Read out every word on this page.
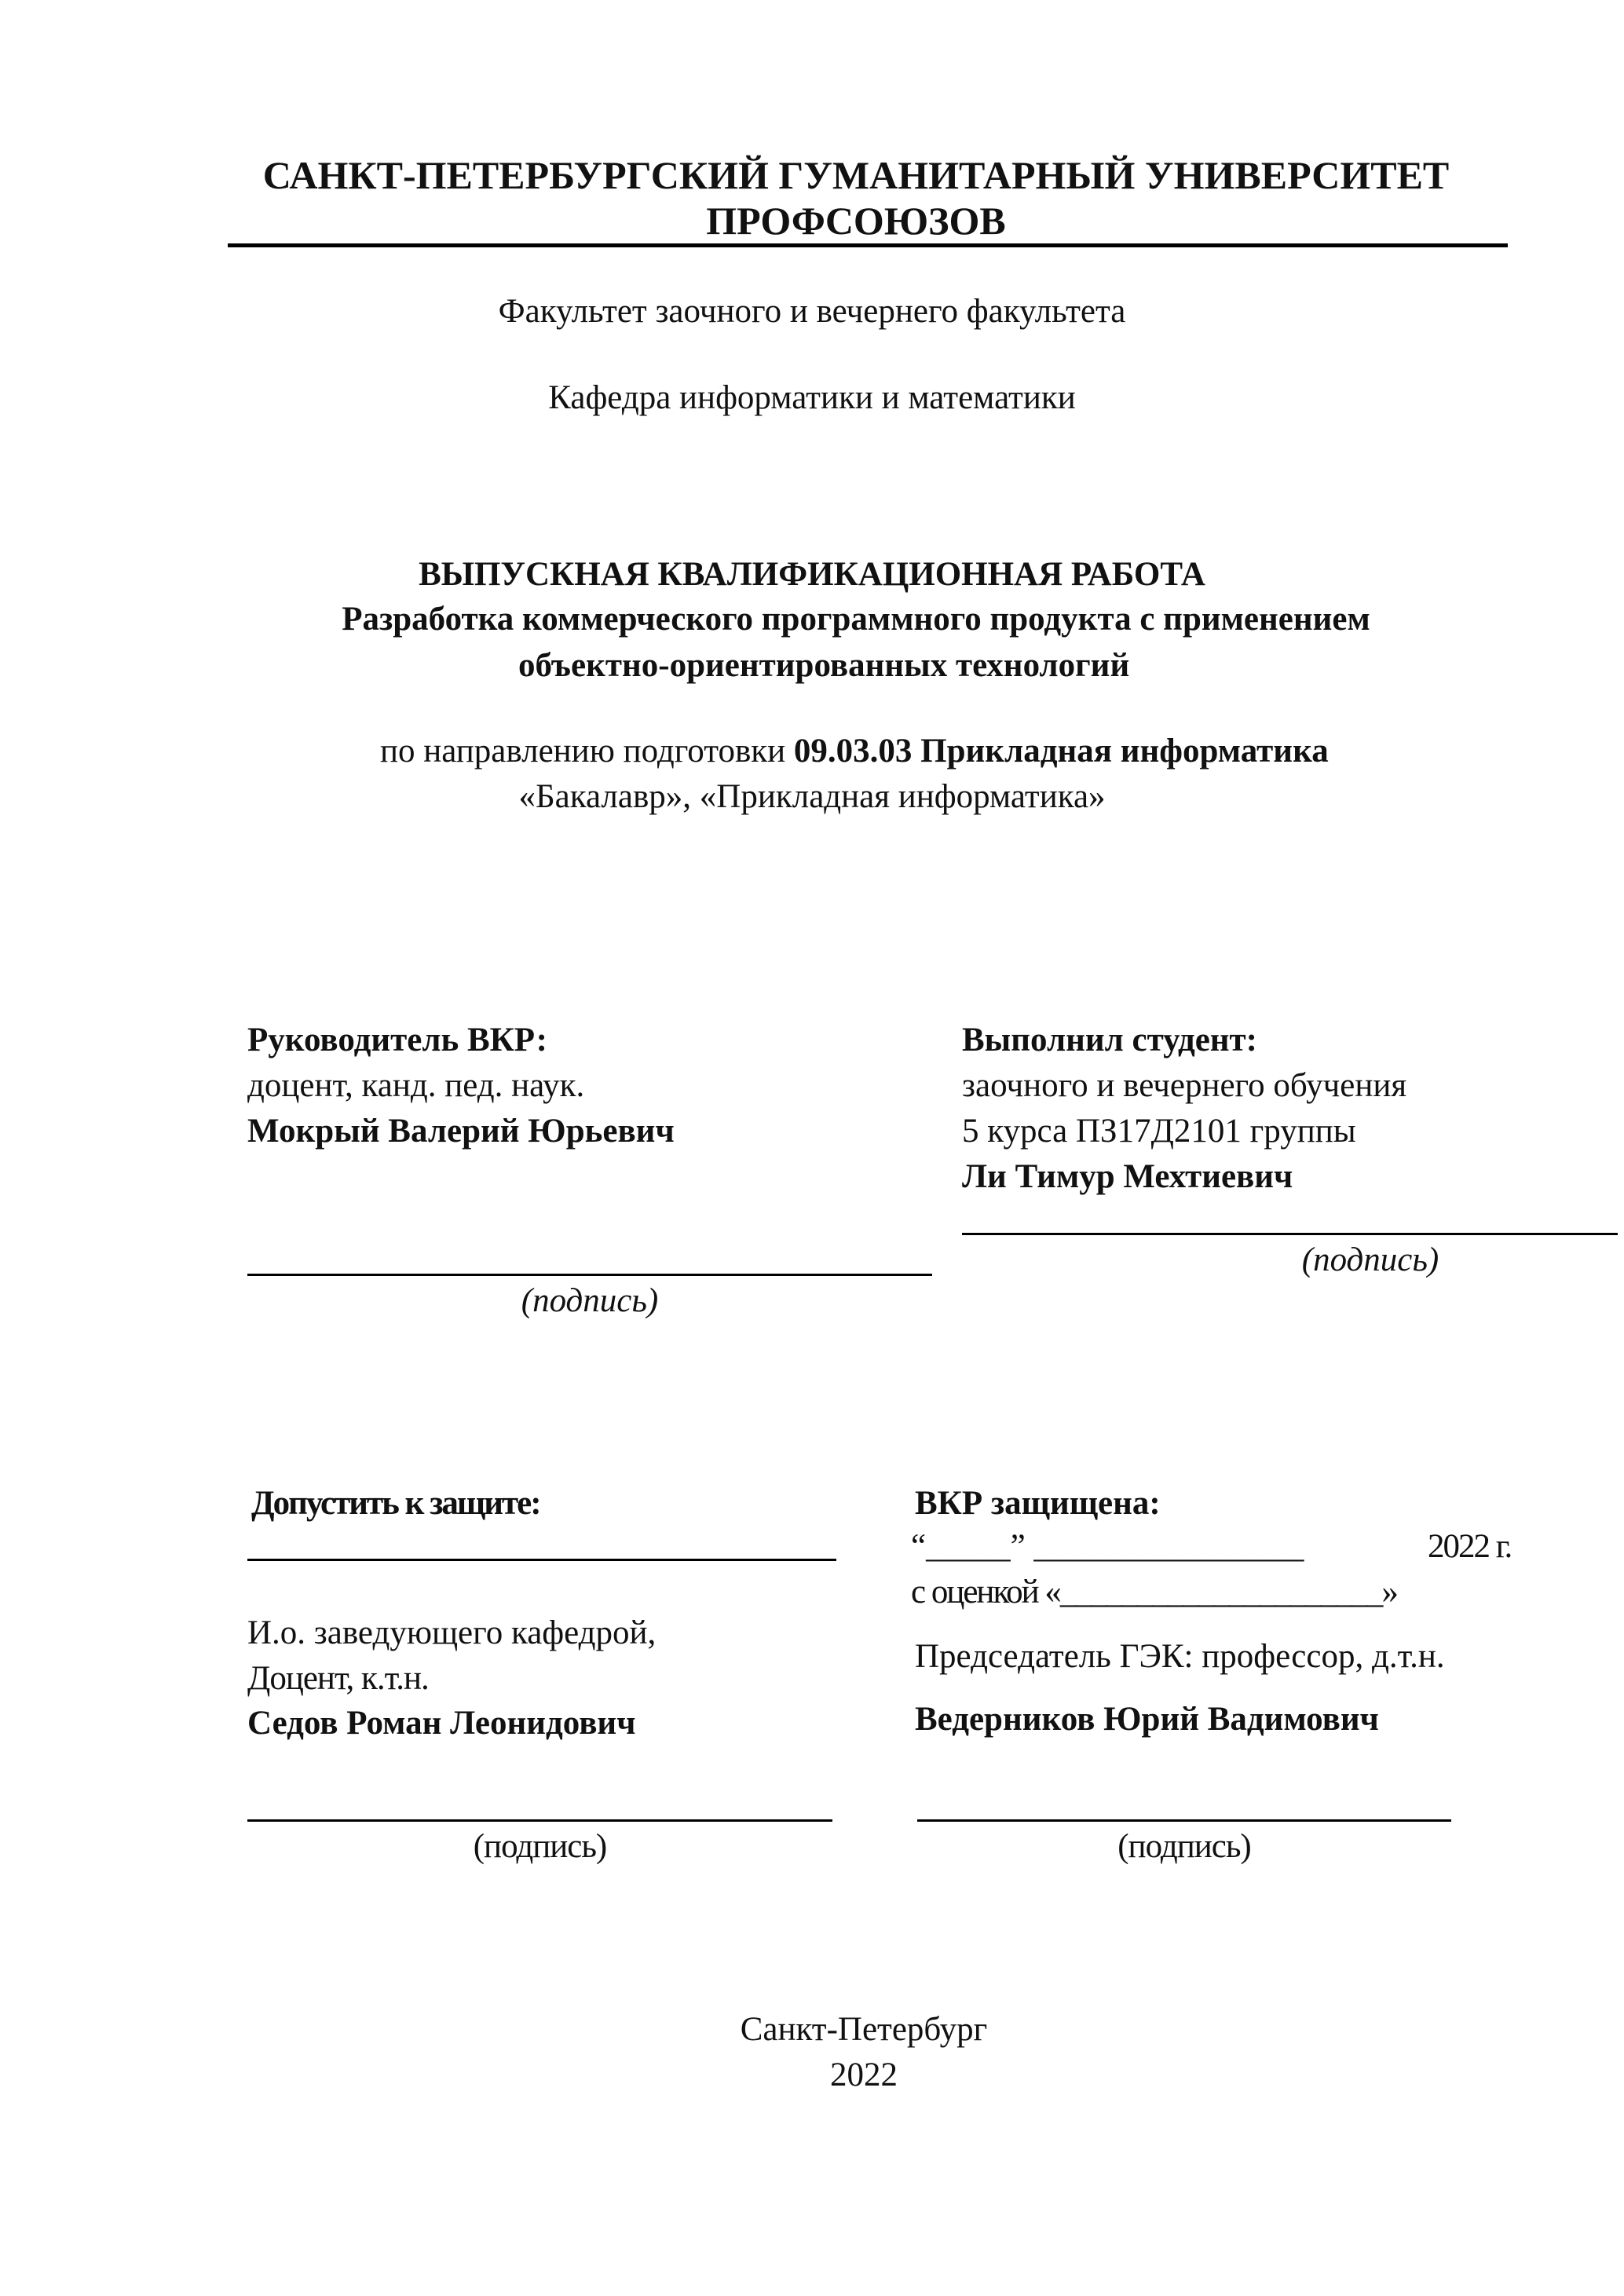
САНКТ-ПЕТЕРБУРГСКИЙ ГУМАНИТАРНЫЙ УНИВЕРСИТЕТ
ПРОФСОЮЗОВ
Факультет заочного и вечернего факультета
Кафедра информатики и математики
ВЫПУСКНАЯ КВАЛИФИКАЦИОННАЯ РАБОТА
Разработка коммерческого программного продукта с применением
объектно-ориентированных технологий
по направлению подготовки 09.03.03 Прикладная информатика
«Бакалавр», «Прикладная информатика»
Руководитель ВКР:
доцент, канд. пед. наук.
Мокрый Валерий Юрьевич
(подпись)
Выполнил студент:
заочного и вечернего обучения
5 курса ПЗ17Д2101 группы
Ли Тимур Мехтиевич
(подпись)
Допустить к защите:
И.о. заведующего кафедрой,
Доцент, к.т.н.
Седов Роман Леонидович
(подпись)
ВКР защищена:
“_____” ________________	2022 г.
с оценкой «_____________________»
Председатель ГЭК: профессор, д.т.н.
Ведерников Юрий Вадимович
(подпись)
Санкт-Петербург
2022
